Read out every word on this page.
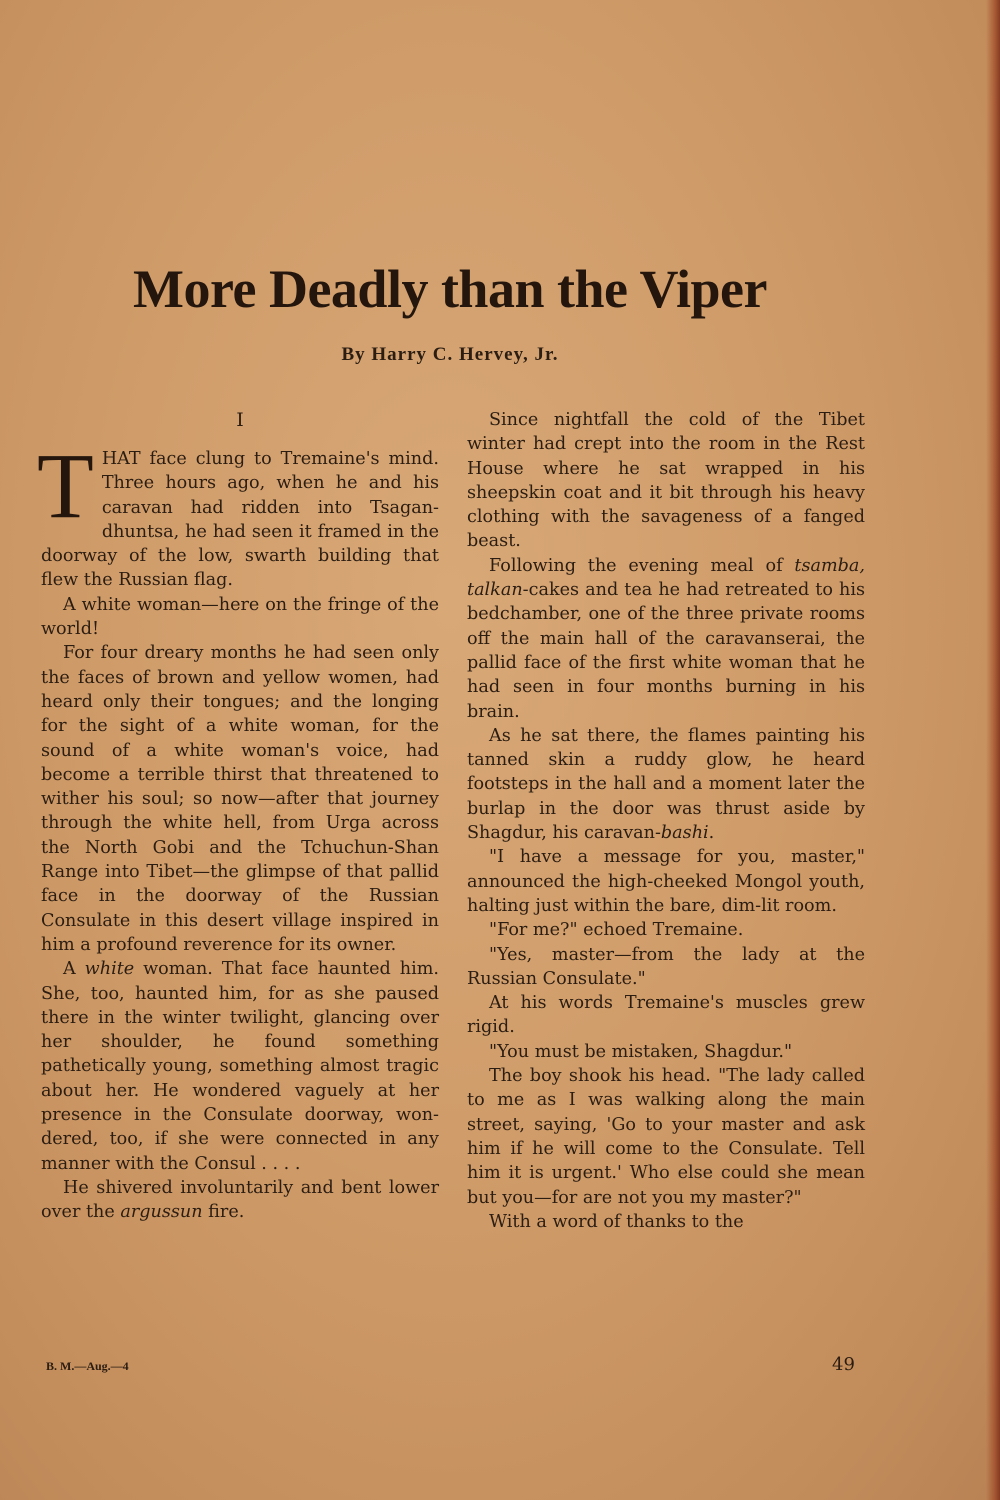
More Deadly than the Viper
By Harry C. Hervey, Jr.
I

THAT face clung to Tremaine's mind. Three hours ago, when he and his caravan had ridden into Tsagan-dhuntsa, he had seen it framed in the doorway of the low, swarth building that flew the Russian flag.

A white woman—here on the fringe of the world!

For four dreary months he had seen only the faces of brown and yellow women, had heard only their tongues; and the longing for the sight of a white woman, for the sound of a white woman's voice, had become a terrible thirst that threatened to wither his soul; so now—after that journey through the white hell, from Urga across the North Gobi and the Tchuchun-Shan Range into Tibet—the glimpse of that pallid face in the doorway of the Russian Consulate in this desert village inspired in him a profound reverence for its owner.

A white woman. That face haunted him. She, too, haunted him, for as she paused there in the winter twilight, glancing over her shoulder, he found something pathetically young, something almost tragic about her. He wondered vaguely at her presence in the Consulate doorway, wondered, too, if she were connected in any manner with the Consul . . . .

He shivered involuntarily and bent lower over the argussun fire.

Since nightfall the cold of the Tibet winter had crept into the room in the Rest House where he sat wrapped in his sheepskin coat and it bit through his heavy clothing with the savageness of a fanged beast.

Following the evening meal of tsamba, talkan-cakes and tea he had retreated to his bedchamber, one of the three private rooms off the main hall of the caravanserai, the pallid face of the first white woman that he had seen in four months burning in his brain.

As he sat there, the flames painting his tanned skin a ruddy glow, he heard footsteps in the hall and a moment later the burlap in the door was thrust aside by Shagdur, his caravan-bashi.

"I have a message for you, master," announced the high-cheeked Mongol youth, halting just within the bare, dim-lit room.

"For me?" echoed Tremaine.

"Yes, master—from the lady at the Russian Consulate."

At his words Tremaine's muscles grew rigid.

"You must be mistaken, Shagdur."

The boy shook his head. "The lady called to me as I was walking along the main street, saying, 'Go to your master and ask him if he will come to the Consulate. Tell him it is urgent.' Who else could she mean but you—for are not you my master?"

With a word of thanks to the

B. M.—Aug.—4	49
